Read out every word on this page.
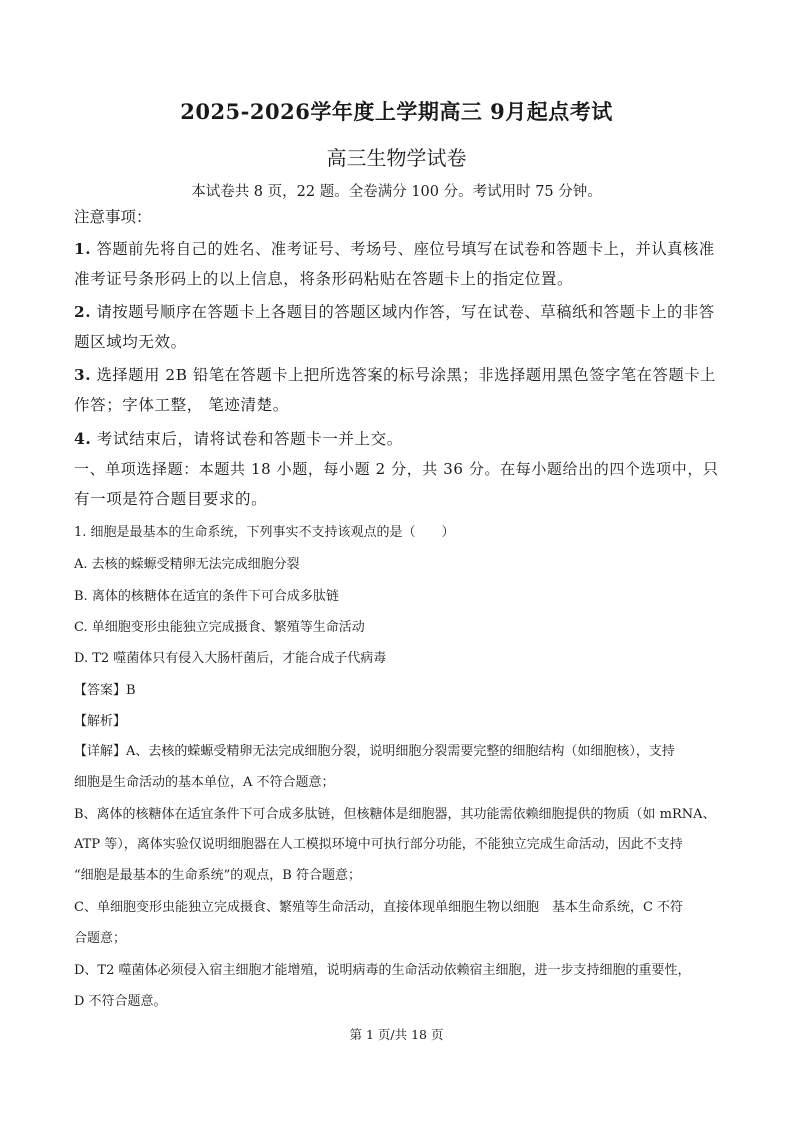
2025-2026学年度上学期高三 9月起点考试
高三生物学试卷
本试卷共 8 页，22 题。全卷满分 100 分。考试用时 75 分钟。
注意事项：
1. 答题前先将自己的姓名、准考证号、考场号、座位号填写在试卷和答题卡上，并认真核准
准考证号条形码上的以上信息，将条形码粘贴在答题卡上的指定位置。
2. 请按题号顺序在答题卡上各题目的答题区域内作答，写在试卷、草稿纸和答题卡上的非答
题区域均无效。
3. 选择题用 2B 铅笔在答题卡上把所选答案的标号涂黑；非选择题用黑色签字笔在答题卡上
作答；字体工整， 笔迹清楚。
4. 考试结束后，请将试卷和答题卡一并上交。
一、单项选择题：本题共 18 小题，每小题 2 分，共 36 分。在每小题给出的四个选项中，只
有一项是符合题目要求的。
1. 细胞是最基本的生命系统，下列事实不支持该观点的是（　　）
A. 去核的蝾螈受精卵无法完成细胞分裂
B. 离体的核糖体在适宜的条件下可合成多肽链
C. 单细胞变形虫能独立完成摄食、繁殖等生命活动
D. T2 噬菌体只有侵入大肠杆菌后，才能合成子代病毒
【答案】B
【解析】
【详解】A、去核的蝾螈受精卵无法完成细胞分裂，说明细胞分裂需要完整的细胞结构（如细胞核），支持
细胞是生命活动的基本单位，A 不符合题意；
B、离体的核糖体在适宜条件下可合成多肽链，但核糖体是细胞器，其功能需依赖细胞提供的物质（如 mRNA、
ATP 等），离体实验仅说明细胞器在人工模拟环境中可执行部分功能，不能独立完成生命活动，因此不支持
“细胞是最基本的生命系统”的观点，B 符合题意；
C、单细胞变形虫能独立完成摄食、繁殖等生命活动，直接体现单细胞生物以细胞　基本生命系统，C 不符
合题意；
D、T2 噬菌体必须侵入宿主细胞才能增殖，说明病毒的生命活动依赖宿主细胞，进一步支持细胞的重要性，
D 不符合题意。
第 1 页/共 18 页
